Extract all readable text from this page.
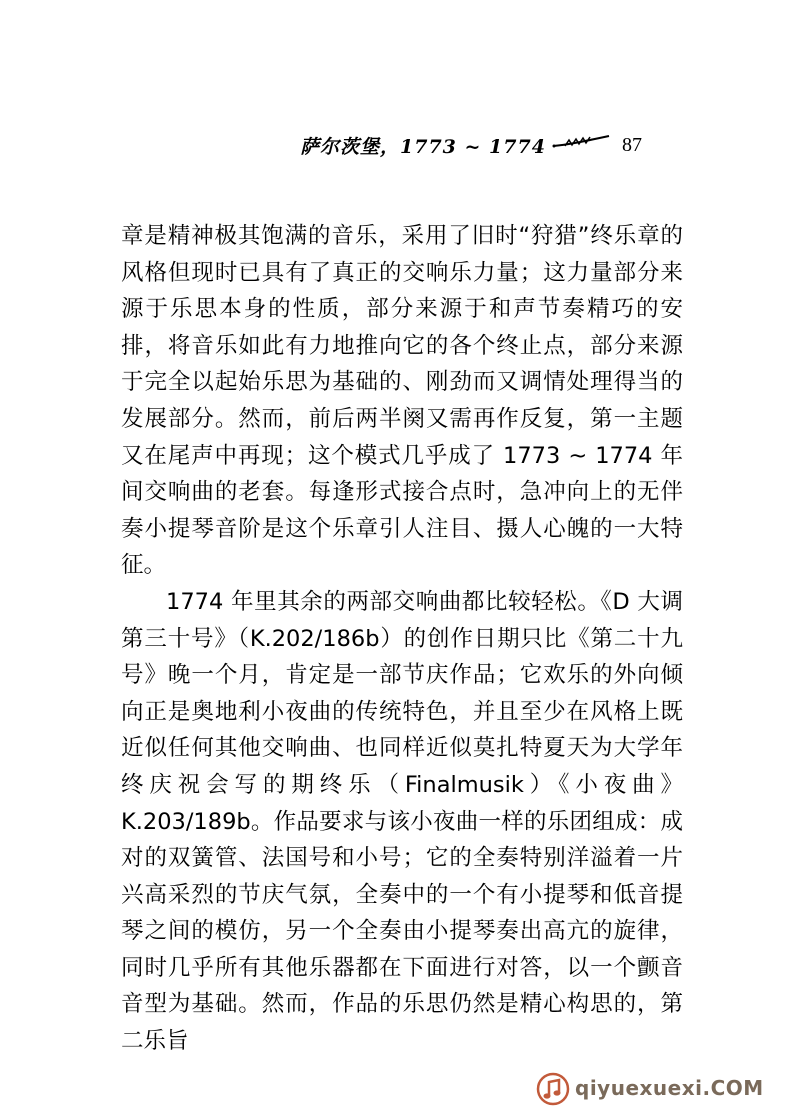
萨尔茨堡，1773 ~ 1774	87

章是精神极其饱满的音乐，采用了旧时“狩猎”终乐章的风格但现时已具有了真正的交响乐力量；这力量部分来源于乐思本身的性质，部分来源于和声节奏精巧的安排，将音乐如此有力地推向它的各个终止点，部分来源于完全以起始乐思为基础的、刚劲而又调情处理得当的发展部分。然而，前后两半阕又需再作反复，第一主题又在尾声中再现；这个模式几乎成了 1773 ~ 1774 年间交响曲的老套。每逢形式接合点时，急冲向上的无伴奏小提琴音阶是这个乐章引人注目、摄人心魄的一大特征。

1774 年里其余的两部交响曲都比较轻松。《D 大调第三十号》（K.202/186b）的创作日期只比《第二十九号》晚一个月，肯定是一部节庆作品；它欢乐的外向倾向正是奥地利小夜曲的传统特色，并且至少在风格上既近似任何其他交响曲、也同样近似莫扎特夏天为大学年终庆祝会写的期终乐（Finalmusik）《小夜曲》K.203/189b。作品要求与该小夜曲一样的乐团组成：成对的双簧管、法国号和小号；它的全奏特别洋溢着一片兴高采烈的节庆气氛，全奏中的一个有小提琴和低音提琴之间的模仿，另一个全奏由小提琴奏出高亢的旋律，同时几乎所有其他乐器都在下面进行对答，以一个颤音音型为基础。然而，作品的乐思仍然是精心构思的，第二乐旨

qiyuexuexi.COM
